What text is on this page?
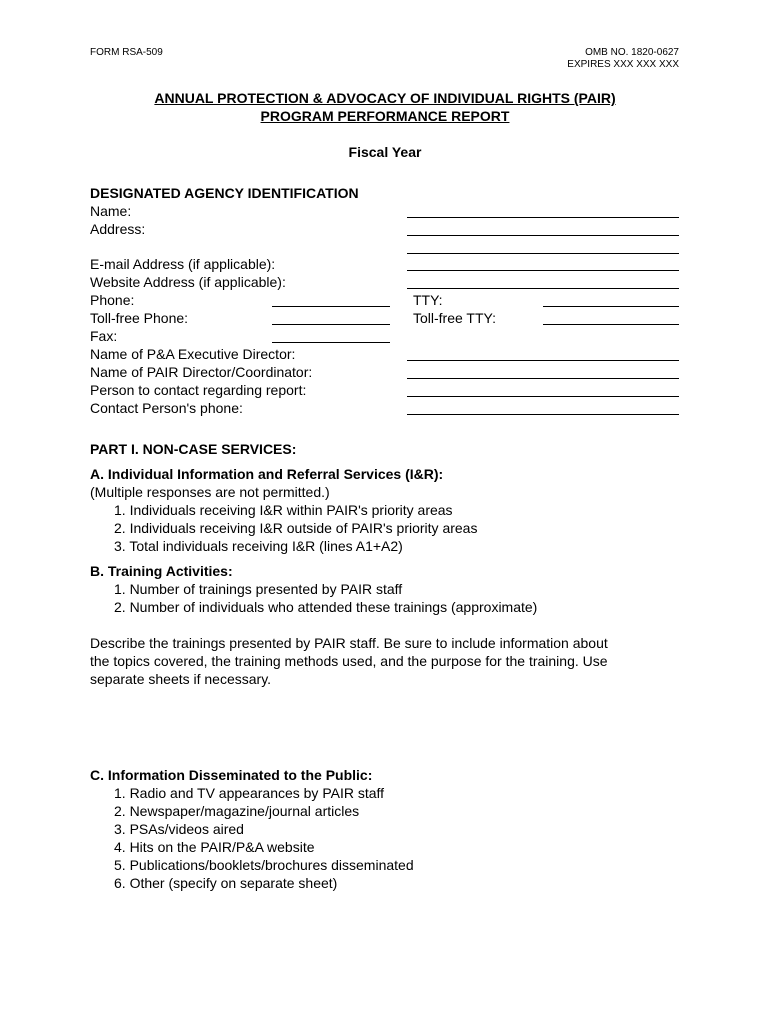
FORM RSA-509	OMB NO. 1820-0627
EXPIRES XXX XXX XXX
ANNUAL PROTECTION & ADVOCACY OF INDIVIDUAL RIGHTS (PAIR)
PROGRAM PERFORMANCE REPORT
Fiscal Year
DESIGNATED AGENCY IDENTIFICATION
Name:
Address:
E-mail Address (if applicable):
Website Address (if applicable):
Phone:	TTY:
Toll-free Phone:	Toll-free TTY:
Fax:
Name of P&A Executive Director:
Name of PAIR Director/Coordinator:
Person to contact regarding report:
Contact Person's phone:
PART I. NON-CASE SERVICES:
A. Individual Information and Referral Services (I&R):
(Multiple responses are not permitted.)
1. Individuals receiving I&R within PAIR's priority areas
2. Individuals receiving I&R outside of PAIR's priority areas
3. Total individuals receiving I&R (lines A1+A2)
B. Training Activities:
1. Number of trainings presented by PAIR staff
2. Number of individuals who attended these trainings (approximate)
Describe the trainings presented by PAIR staff. Be sure to include information about
the topics covered, the training methods used, and the purpose for the training. Use
separate sheets if necessary.
C. Information Disseminated to the Public:
1. Radio and TV appearances by PAIR staff
2. Newspaper/magazine/journal articles
3. PSAs/videos aired
4. Hits on the PAIR/P&A website
5. Publications/booklets/brochures disseminated
6. Other (specify on separate sheet)
